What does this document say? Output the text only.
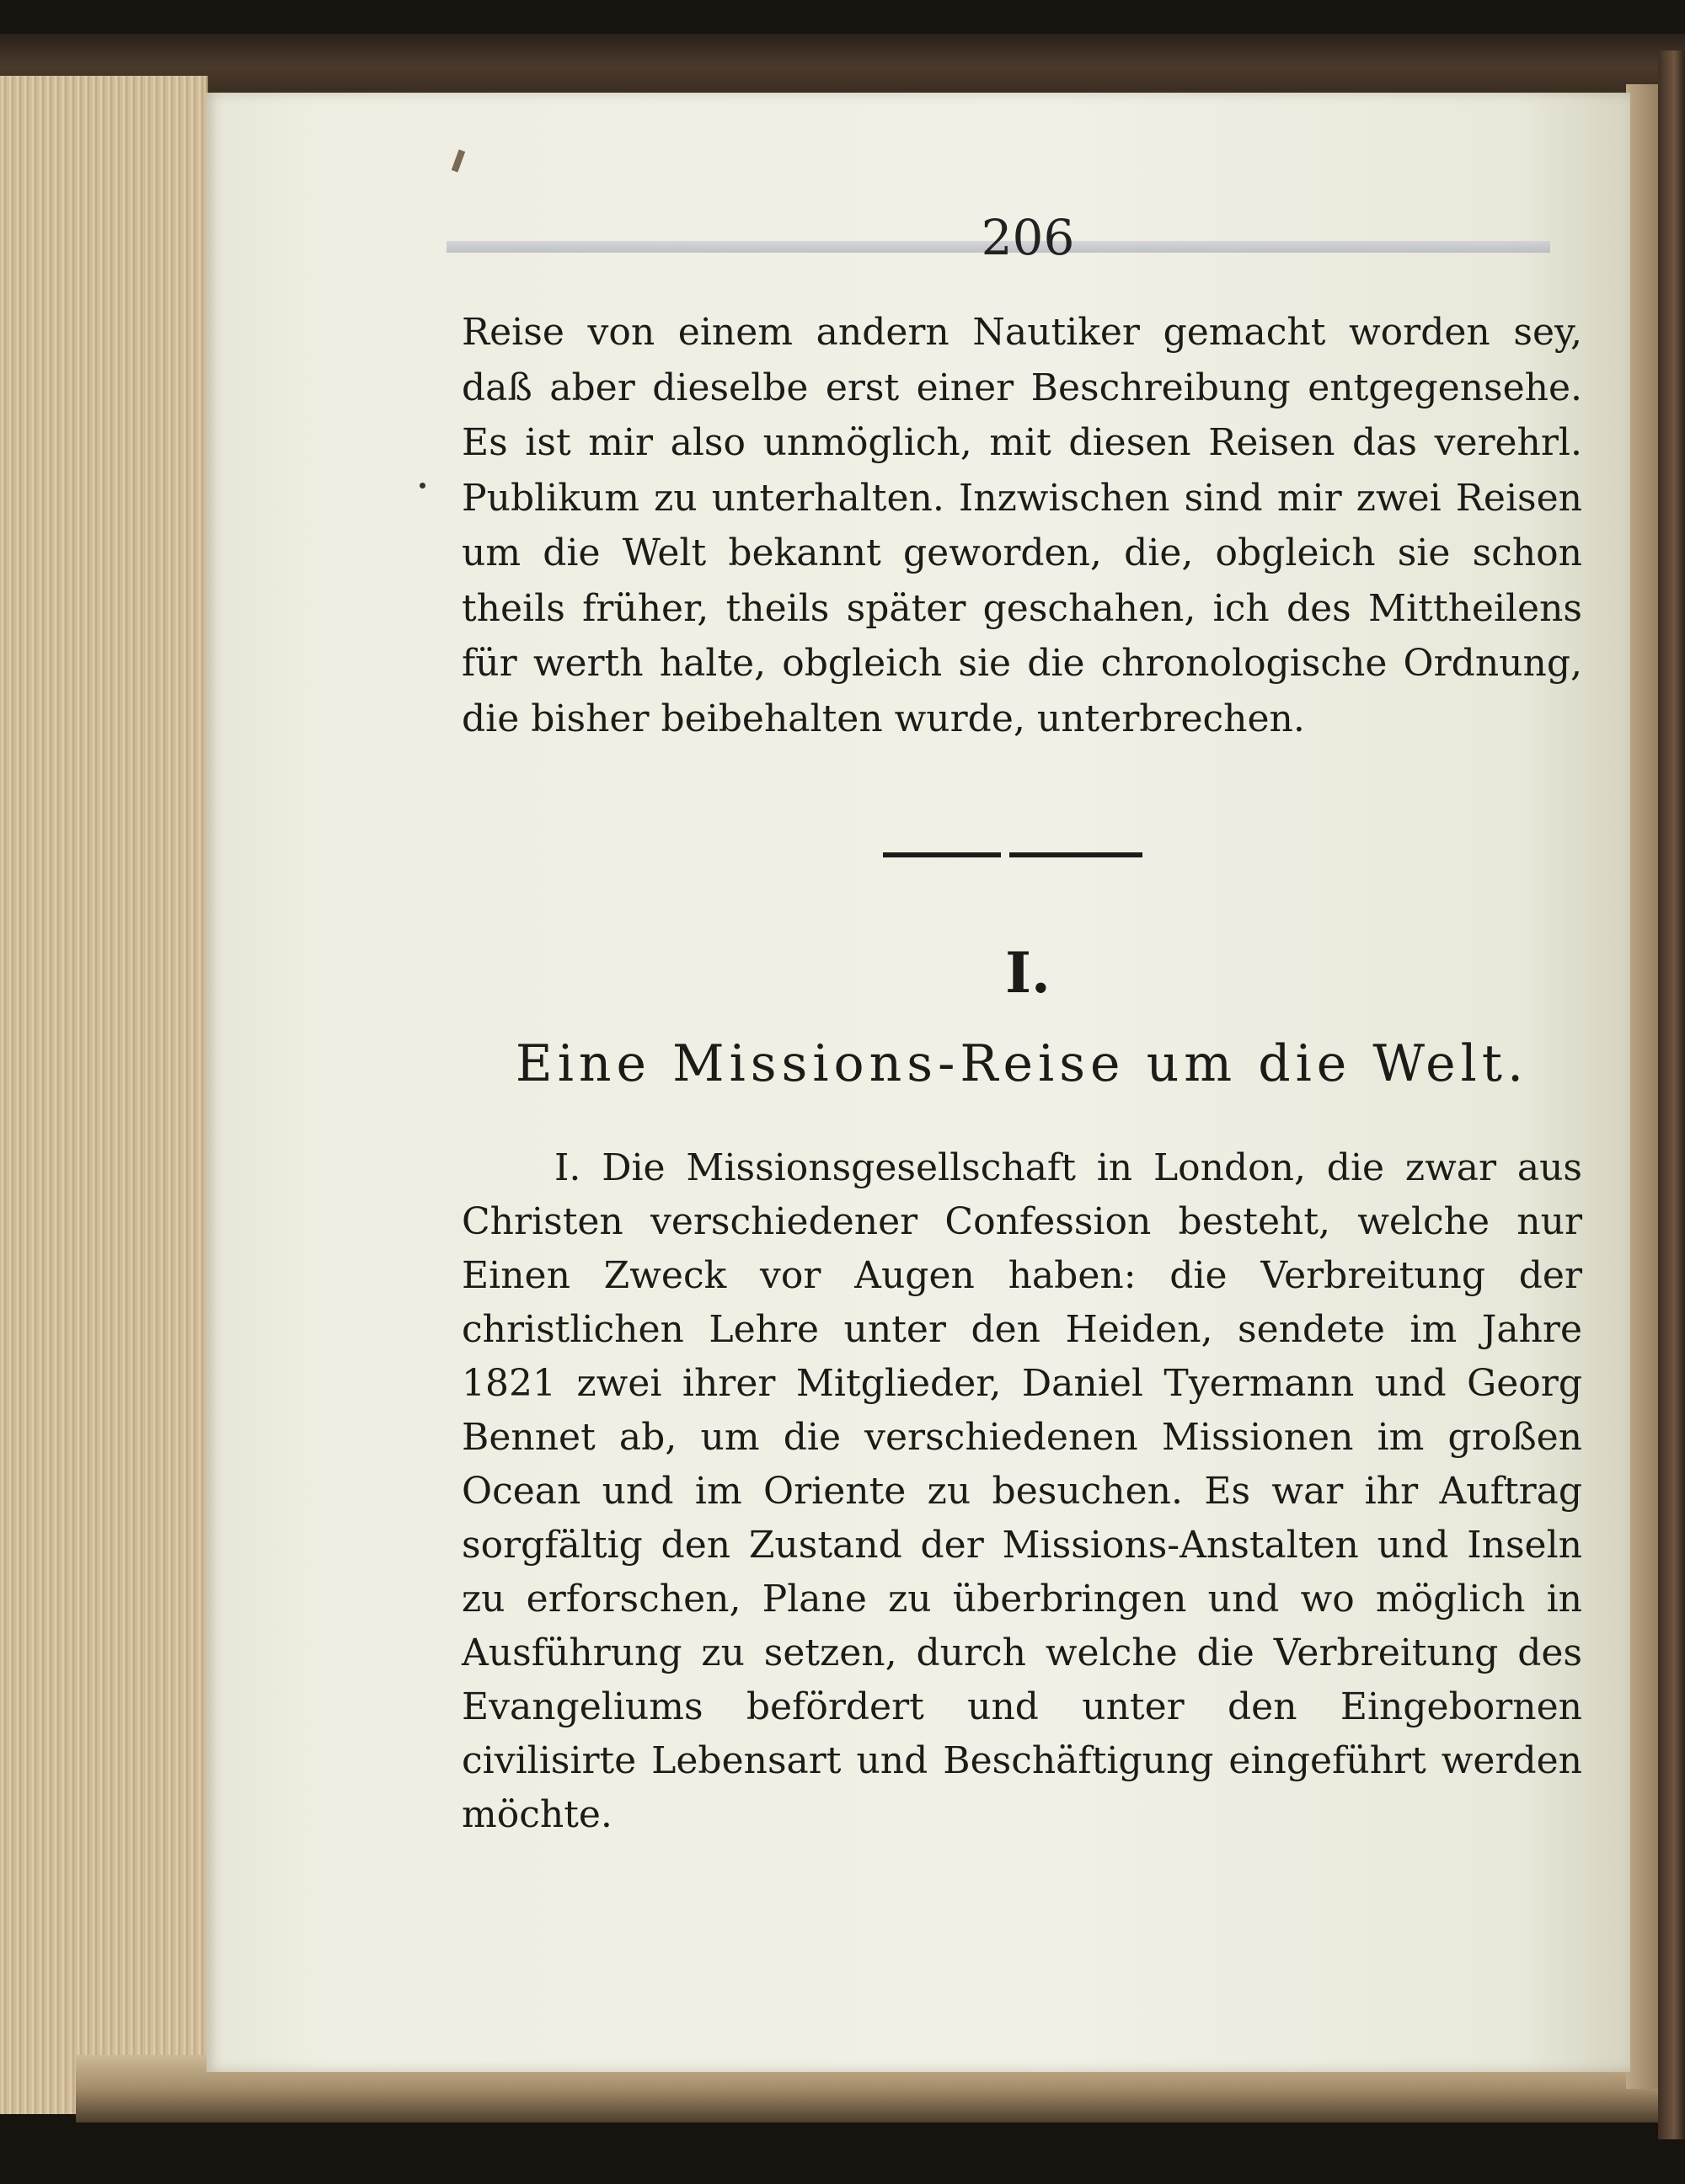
206
Reise von einem andern Nautiker gemacht worden sey, daß aber dieselbe erst einer Beschreibung entgegensehe. Es ist mir also unmöglich, mit diesen Reisen das verehrl. Publikum zu unterhalten. Inzwischen sind mir zwei Reisen um die Welt bekannt geworden, die, obgleich sie schon theils früher, theils später geschahen, ich des Mittheilens für werth halte, obgleich sie die chronologische Ordnung, die bisher beibehalten wurde, unterbrechen.
I.
Eine Missions-Reise um die Welt.
I. Die Missionsgesellschaft in London, die zwar aus Christen verschiedener Confession besteht, welche nur Einen Zweck vor Augen haben: die Verbreitung der christlichen Lehre unter den Heiden, sendete im Jahre 1821 zwei ihrer Mitglieder, Daniel Tyermann und Georg Bennet ab, um die verschiedenen Missionen im großen Ocean und im Oriente zu besuchen. Es war ihr Auftrag sorgfältig den Zustand der Missions-Anstalten und Inseln zu erforschen, Plane zu überbringen und wo möglich in Ausführung zu setzen, durch welche die Verbreitung des Evangeliums befördert und unter den Eingebornen civilisirte Lebensart und Beschäftigung eingeführt werden möchte.
